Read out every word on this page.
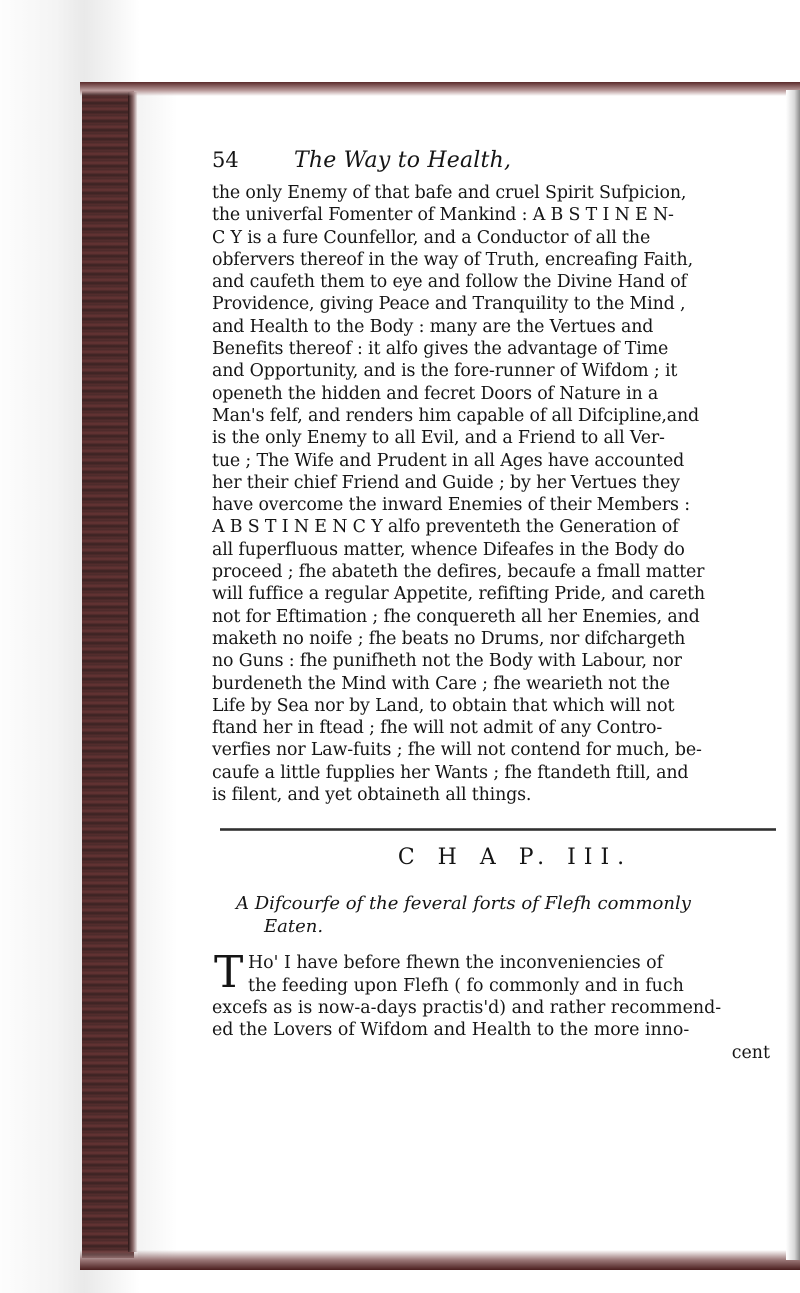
54	The Way to Health,
the only Enemy of that bafe and cruel Spirit Sufpicion,
the univerfal Fomenter of Mankind : A B S T I N E N-
C Y is a fure Counfellor, and a Conductor of all the
obfervers thereof in the way of Truth, encreafing Faith,
and caufeth them to eye and follow the Divine Hand of
Providence, giving Peace and Tranquility to the Mind ,
and Health to the Body : many are the Vertues and
Benefits thereof : it alfo gives the advantage of Time
and Opportunity, and is the fore-runner of Wifdom ; it
openeth the hidden and fecret Doors of Nature in a
Man's felf, and renders him capable of all Difcipline,and
is the only Enemy to all Evil, and a Friend to all Ver-
tue ; The Wife and Prudent in all Ages have accounted
her their chief Friend and Guide ; by her Vertues they
have overcome the inward Enemies of their Members :
A B S T I N E N C Y alfo preventeth the Generation of
all fuperfluous matter, whence Difeafes in the Body do
proceed ; fhe abateth the defires, becaufe a fmall matter
will fuffice a regular Appetite, refifting Pride, and careth
not for Eftimation ; fhe conquereth all her Enemies, and
maketh no noife ; fhe beats no Drums, nor difchargeth
no Guns : fhe punifheth not the Body with Labour, nor
burdeneth the Mind with Care ; fhe wearieth not the
Life by Sea nor by Land, to obtain that which will not
ftand her in ftead ; fhe will not admit of any Contro-
verfies nor Law-fuits ; fhe will not contend for much, be-
caufe a little fupplies her Wants ; fhe ftandeth ftill, and
is filent, and yet obtaineth all things.
C H A P. III.
A Difcourfe of the feveral forts of Flefh commonly
Eaten.
T Ho' I have before fhewn the inconveniencies of
the feeding upon Flefh ( fo commonly and in fuch
excefs as is now-a-days practis'd) and rather recommend-
ed the Lovers of Wifdom and Health to the more inno-
cent
